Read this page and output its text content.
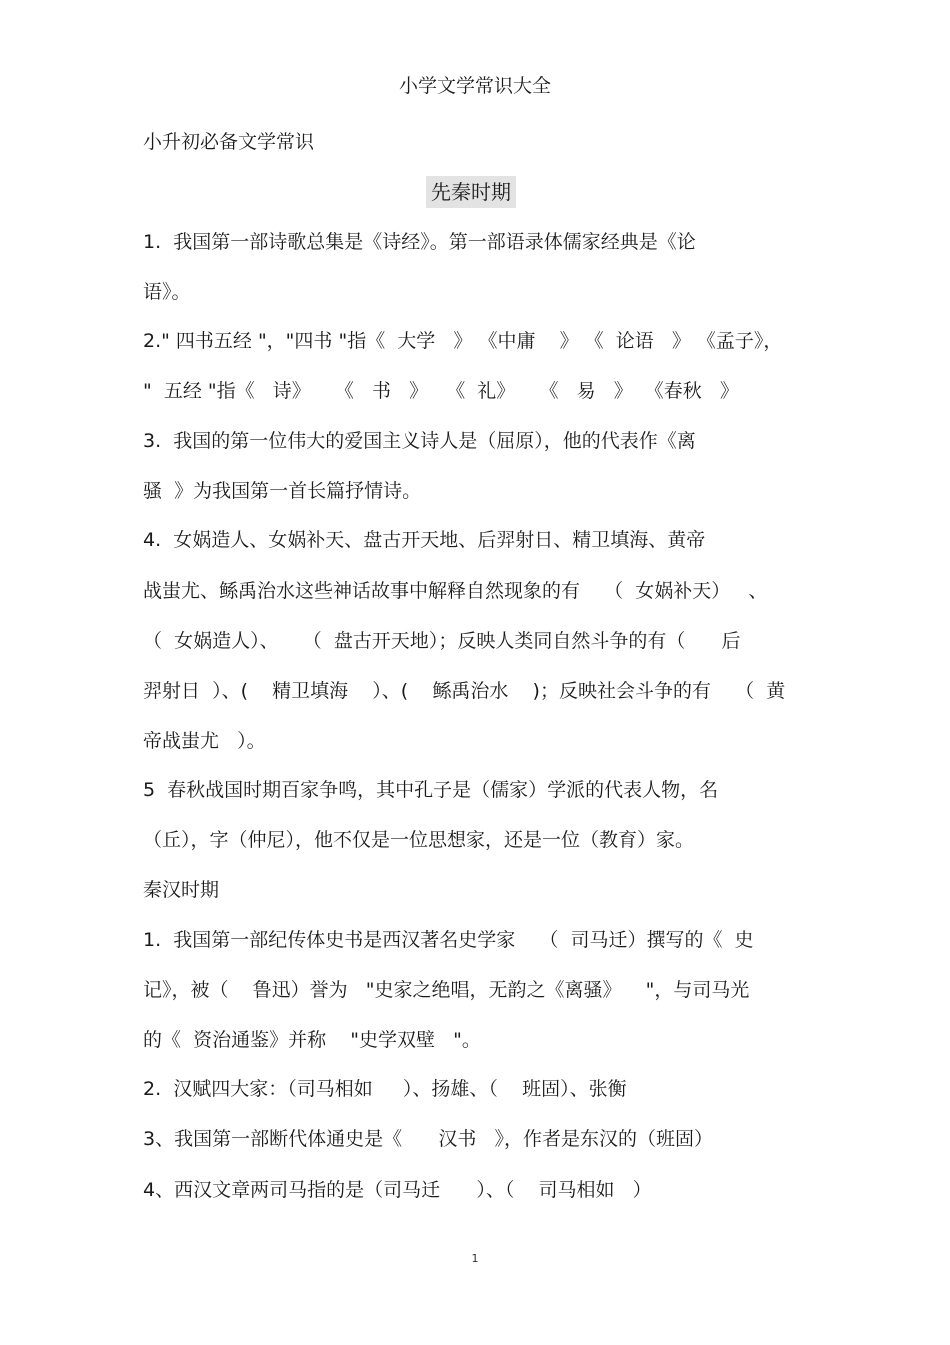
小学文学常识大全
小升初必备文学常识
先秦时期
1.  我国第一部诗歌总集是《诗经》。第一部语录体儒家经典是《论
语》。
2." 四书五经 "，"四书 "指《  大学   》 《中庸    》 《  论语   》 《孟子》，
"  五经 "指《   诗》    《   书   》   《  礼》    《   易   》  《春秋   》
3.  我国的第一位伟大的爱国主义诗人是（屈原），他的代表作《离
骚  》为我国第一首长篇抒情诗。
4.  女娲造人、女娲补天、盘古开天地、后羿射日、精卫填海、黄帝
战蚩尤、鲧禹治水这些神话故事中解释自然现象的有    （  女娲补天）   、
（  女娲造人）、    （  盘古开天地）；反映人类同自然斗争的有（      后
羿射日  ）、(    精卫填海    ）、(    鲧禹治水    )；反映社会斗争的有    （  黄
帝战蚩尤   ）。
5  春秋战国时期百家争鸣，其中孔子是（儒家）学派的代表人物，名
（丘），字（仲尼），他不仅是一位思想家，还是一位（教育）家。
秦汉时期
1.  我国第一部纪传体史书是西汉著名史学家    （  司马迁）撰写的《  史
记》，被（    鲁迅）誉为   "史家之绝唱，无韵之《离骚》    "，与司马光
的《  资治通鉴》并称    "史学双壁   "。
2.  汉赋四大家：（司马相如     ）、扬雄、（    班固）、张衡
3、我国第一部断代体通史是《      汉书   》，作者是东汉的（班固）
4、西汉文章两司马指的是（司马迁      ）、（    司马相如   ）
1
